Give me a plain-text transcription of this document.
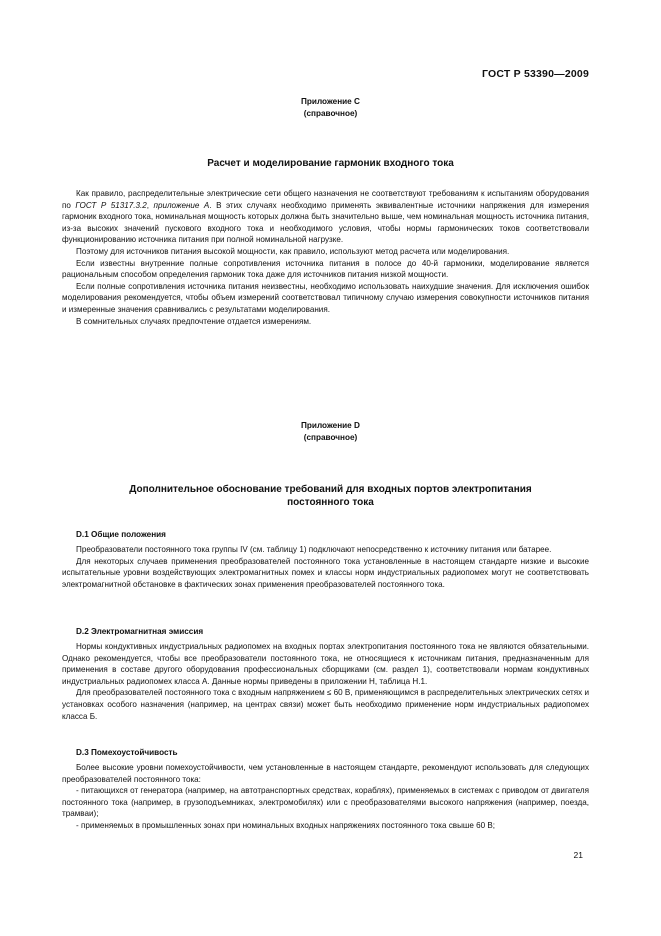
ГОСТ Р 53390—2009
Приложение С
(справочное)
Расчет и моделирование гармоник входного тока

Как правило, распределительные электрические сети общего назначения не соответствуют требованиям к испытаниям оборудования по ГОСТ Р 51317.3.2, приложение А. В этих случаях необходимо применять эквивалентные источники напряжения для измерения гармоник входного тока, номинальная мощность которых должна быть значительно выше, чем номинальная мощность источника питания, из-за высоких значений пускового входного тока и необходимого условия, чтобы нормы гармонических токов соответствовали функционированию источника питания при полной номинальной нагрузке.

Поэтому для источников питания высокой мощности, как правило, используют метод расчета или моделирования.

Если известны внутренние полные сопротивления источника питания в полосе до 40-й гармоники, моделирование является рациональным способом определения гармоник тока даже для источников питания низкой мощности.

Если полные сопротивления источника питания неизвестны, необходимо использовать наихудшие значения. Для исключения ошибок моделирования рекомендуется, чтобы объем измерений соответствовал типичному случаю измерения совокупности источников питания и измеренные значения сравнивались с результатами моделирования.

В сомнительных случаях предпочтение отдается измерениям.

Приложение D
(справочное)
Дополнительное обоснование требований для входных портов электропитания
постоянного тока
D.1 Общие положения

Преобразователи постоянного тока группы IV (см. таблицу 1) подключают непосредственно к источнику питания или батарее.

Для некоторых случаев применения преобразователей постоянного тока установленные в настоящем стандарте низкие и высокие испытательные уровни воздействующих электромагнитных помех и классы норм индустриальных радиопомех могут не соответствовать электромагнитной обстановке в фактических зонах применения преобразователей постоянного тока.

D.2 Электромагнитная эмиссия

Нормы кондуктивных индустриальных радиопомех на входных портах электропитания постоянного тока не являются обязательными. Однако рекомендуется, чтобы все преобразователи постоянного тока, не относящиеся к источникам питания, предназначенным для применения в составе другого оборудования профессиональных сборщиками (см. раздел 1), соответствовали нормам кондуктивных индустриальных радиопомех класса А. Данные нормы приведены в приложении Н, таблица Н.1.

Для преобразователей постоянного тока с входным напряжением ≤ 60 В, применяющимся в распределительных электрических сетях и установках особого назначения (например, на центрах связи) может быть необходимо применение норм индустриальных радиопомех класса Б.

D.3 Помехоустойчивость

Более высокие уровни помехоустойчивости, чем установленные в настоящем стандарте, рекомендуют использовать для следующих преобразователей постоянного тока:

- питающихся от генератора (например, на автотранспортных средствах, кораблях), применяемых в системах с приводом от двигателя постоянного тока (например, в грузоподъемниках, электромобилях) или с преобразователями высокого напряжения (например, поезда, трамваи);

- применяемых в промышленных зонах при номинальных входных напряжениях постоянного тока свыше 60 В;

21
